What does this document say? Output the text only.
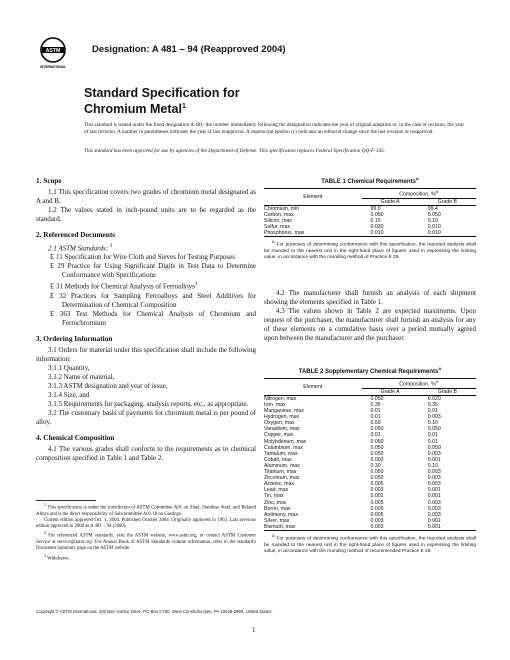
ASTM
INTERNATIONAL
Designation: A 481 – 94 (Reapproved 2004)
Standard Specification for
Chromium Metal$^1$
This standard is issued under the fixed designation A 481; the number immediately following the designation indicates the year of original adoption or, in the case of revision, the year of last revision. A number in parentheses indicates the year of last reapproval. A superscript epsilon (ε) indicates an editorial change since the last revision or reapproval.
This standard has been approved for use by agencies of the Department of Defense. This specification replaces Federal Specification QQ-F-145.

1. Scope

1.1 This specification covers two grades of chromium metal designated as A and B.

1.2 The values stated in inch-pound units are to be regarded as the standard.

2. Referenced Documents

2.1 ASTM Standards: $^2$

E 11 Specification for Wire Cloth and Sieves for Testing Purposes

E 29 Practice for Using Significant Digits in Test Data to Determine Conformance with Specifications

E 31 Methods for Chemical Analysis of Ferroalloys$^3$

E 32 Practices for Sampling Ferroalloys and Steel Additives for Determination of Chemical Composition

E 363 Test Methods for Chemical Analysis of Chromium and Ferrochromium

3. Ordering Information

3.1 Orders for material under this specification shall include the following information:

3.1.1 Quantity,

3.1.2 Name of material,

3.1.3 ASTM designation and year of issue,

3.1.4 Size, and

3.1.5 Requirements for packaging, analysis reports, etc., as appropriate.

3.2 The customary basis of payments for chromium metal is per pound of alloy.

4. Chemical Composition

4.1 The various grades shall conform to the requirements as to chemical composition specified in Table 1 and Table 2.

$^1$ This specification is under the jurisdiction of ASTM Committee A01 on Steel, Stainless Steel, and Related Alloys and is the direct responsibility of Subcommittee A01.18 on Castings.
Current edition approved Oct. 1, 2004. Published October 2004. Originally approved in 1963. Last previous edition approved in 2000 as A 481 – 94 (2000).
$^2$ For referenced ASTM standards, visit the ASTM website, www.astm.org, or contact ASTM Customer Service at service@astm.org. For Annual Book of ASTM Standards volume information, refer to the standard's Document Summary page on the ASTM website.
$^3$ Withdrawn.
TABLE 1 Chemical Requirements$^A$
Element	Composition, %$^A$
	Grade A	Grade B
Chromium, min	99.0	99.4
Carbon, max	0.050	0.050
Silicon, max	0.15	0.10
Sulfur, max	0.030	0.010
Phosphorus, max	0.010	0.010
$^A$ For purposes of determining conformance with this specification, the reported analysis shall be rounded to the nearest unit in the right-hand place of figures used in expressing the limiting value, in accordance with the rounding method of Practice E 29.

4.2 The manufacturer shall furnish an analysis of each shipment showing the elements specified in Table 1.

4.3 The values shown in Table 2 are expected maximums. Upon request of the purchaser, the manufacturer shall furnish an analysis for any of these elements on a cumulative basis over a period mutually agreed upon between the manufacturer and the purchaser.

TABLE 2 Supplementary Chemical Requirements$^A$
Element	Composition, %$^A$
	Grade A	Grade B
Nitrogen, max	0.050	0.020
Iron, max	0.35	0.35
Manganese, max	0.01	0.01
Hydrogen, max	0.01	0.003
Oxygen, max	0.50	0.10
Vanadium, max	0.050	0.050
Copper, max	0.01	0.01
Molybdenum, max	0.050	0.01
Columbium, max	0.050	0.050
Tantalum, max	0.050	0.003
Cobalt, max	0.003	0.001
Aluminum, max	0.30	0.10
Titanium, max	0.050	0.003
Zirconium, max	0.050	0.003
Arsenic, max	0.005	0.003
Lead, max	0.003	0.001
Tin, max	0.001	0.001
Zinc, max	0.005	0.003
Boron, max	0.005	0.003
Antimony, max	0.005	0.003
Silver, max	0.003	0.001
Bismuth, max	0.003	0.001
$^A$ For purposes of determining conformance with this specification, the reported analysis shall be rounded to the nearest unit in the right-hand place of figures used in expressing the limiting value, in accordance with the rounding method of recommended Practice E 29.
Copyright © ASTM International, 100 Barr Harbor Drive, PO Box C700, West Conshohocken, PA 19428-2959, United States.
1
